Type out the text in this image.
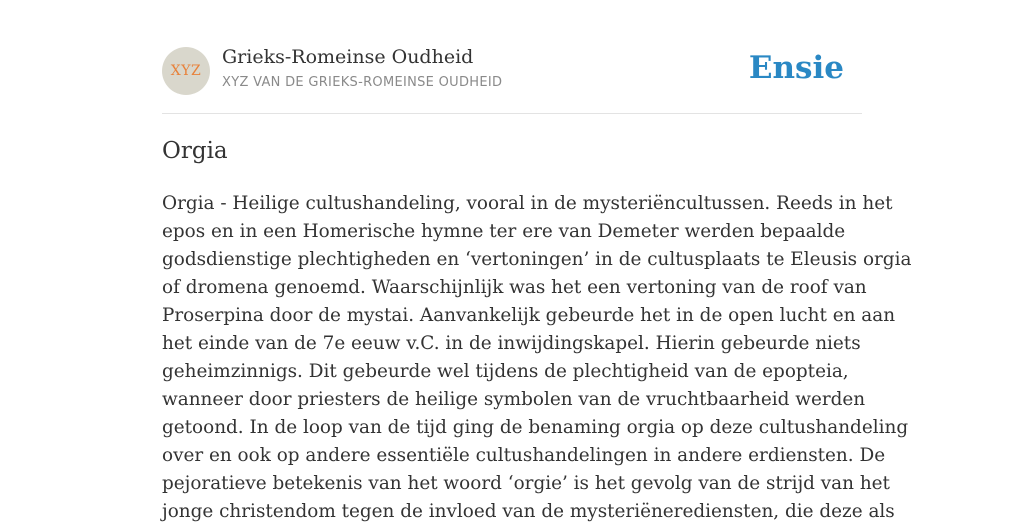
XYZ
Grieks-Romeinse Oudheid
XYZ VAN DE GRIEKS-ROMEINSE OUDHEID	Ensie
Orgia
Orgia - Heilige cultushandeling, vooral in de mysteriëncultussen. Reeds in het
epos en in een Homerische hymne ter ere van Demeter werden bepaalde
godsdienstige plechtigheden en ‘vertoningen’ in de cultusplaats te Eleusis orgia
of dromena genoemd. Waarschijnlijk was het een vertoning van de roof van
Proserpina door de mystai. Aanvankelijk gebeurde het in de open lucht en aan
het einde van de 7e eeuw v.C. in de inwijdingskapel. Hierin gebeurde niets
geheimzinnigs. Dit gebeurde wel tijdens de plechtigheid van de epopteia,
wanneer door priesters de heilige symbolen van de vruchtbaarheid werden
getoond. In de loop van de tijd ging de benaming orgia op deze cultushandeling
over en ook op andere essentiële cultushandelingen in andere erdiensten. De
pejoratieve betekenis van het woord ‘orgie’ is het gevolg van de strijd van het
jonge christendom tegen de invloed van de mysteriënerediensten, die deze als
